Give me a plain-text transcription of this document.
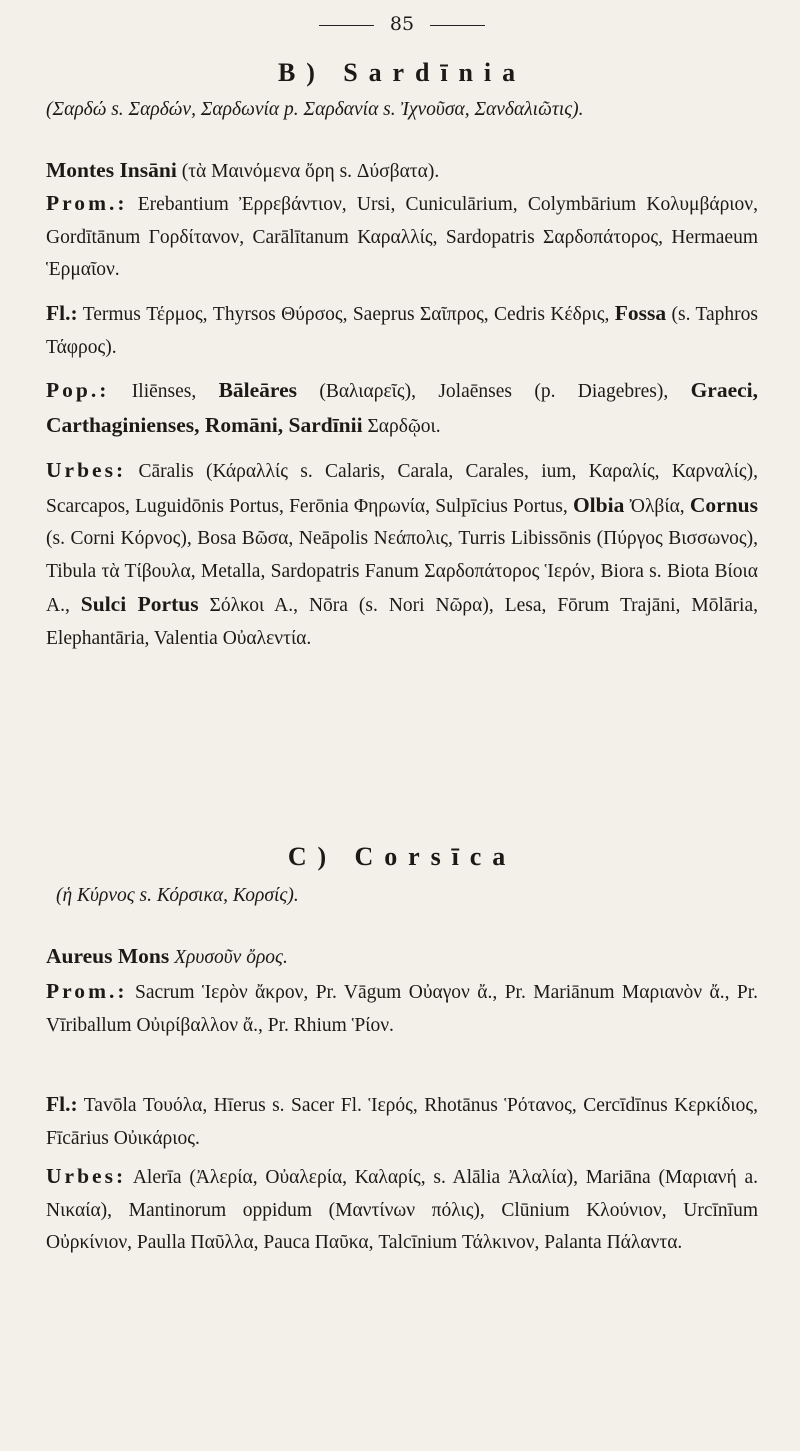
85
B) Sardīnia
(Σαρδώ s. Σαρδών, Σαρδωνία p. Σαρδανία s. Ἰχνοῦσα, Σανδαλιῶτις).
Montes Insāni (τὰ Μαινόμενα ὄρη s. Δύσβατα).
Prom.: Erebantium Ἐρρεβάντιον, Ursi, Cuniculārium, Colymbārium Κολυμβάριον, Gordītānum Γορδίτανον, Carālītanum Καραλλίς, Sardopatris Σαρδοπάτορος, Hermaeum Ἑρμαῖον.
Fl.: Termus Τέρμος, Thyrsos Θύρσος, Saeprus Σαῖπρος, Cedris Κέδρις, Fossa (s. Taphros Τάφρος).
Pop.: Iliēnses, Bāleāres (Βαλιαρεῖς), Jolaēnses (p. Diagebres), Graeci, Carthaginienses, Romāni, Sardīnii Σαρδῷοι.
Urbes: Cāralis (Κάραλλίς s. Calaris, Carala, Carales, ium, Καραλίς, Καρναλίς), Scarcapos, Luguidōnis Portus, Ferōnia Φηρωνία, Sulpīcius Portus, Olbia Ὀλβία, Cornus (s. Corni Κόρνος), Bosa Βῶσα, Neāpolis Νεάπολις, Turris Libissōnis (Πύργος Βισσωνος), Tibula τὰ Τίβουλα, Metalla, Sardopatris Fanum Σαρδοπάτορος Ἱερόν, Biora s. Biota Βίοια Α., Sulci Portus Σόλκοι Α., Nōra (s. Nori Νῶρα), Lesa, Fōrum Trajāni, Mōlāria, Elephantāria, Valentia Οὐαλεντία.
C) Corsīca
(ἡ Κύρνος s. Κόρσικα, Κορσίς).
Aureus Mons Χρυσοῦν ὄρος.
Prom.: Sacrum Ἱερὸν ἄκρον, Pr. Vāgum Οὐαγον ἄ., Pr. Mariānum Μαριανὸν ἄ., Pr. Vīriballum Οὐιρίβαλλον ἄ., Pr. Rhium Ῥίον.
Fl.: Tavōla Τουόλα, Hīerus s. Sacer Fl. Ἱερός, Rhotānus Ῥότανος, Cercīdīnus Κερκίδιος, Fīcārius Οὐικάριος.
Urbes: Alerīa (Ἀλερία, Οὐαλερία, Καλαρίς, s. Alālia Ἀλαλία), Mariāna (Μαριανή a. Νικαία), Mantinorum oppidum (Μαντίνων πόλις), Clūnium Κλούνιον, Urcīnīum Οὐρκίνιον, Paulla Παῦλλα, Pauca Παῦκα, Talcīnium Τάλκινον, Palanta Πάλαντα.
